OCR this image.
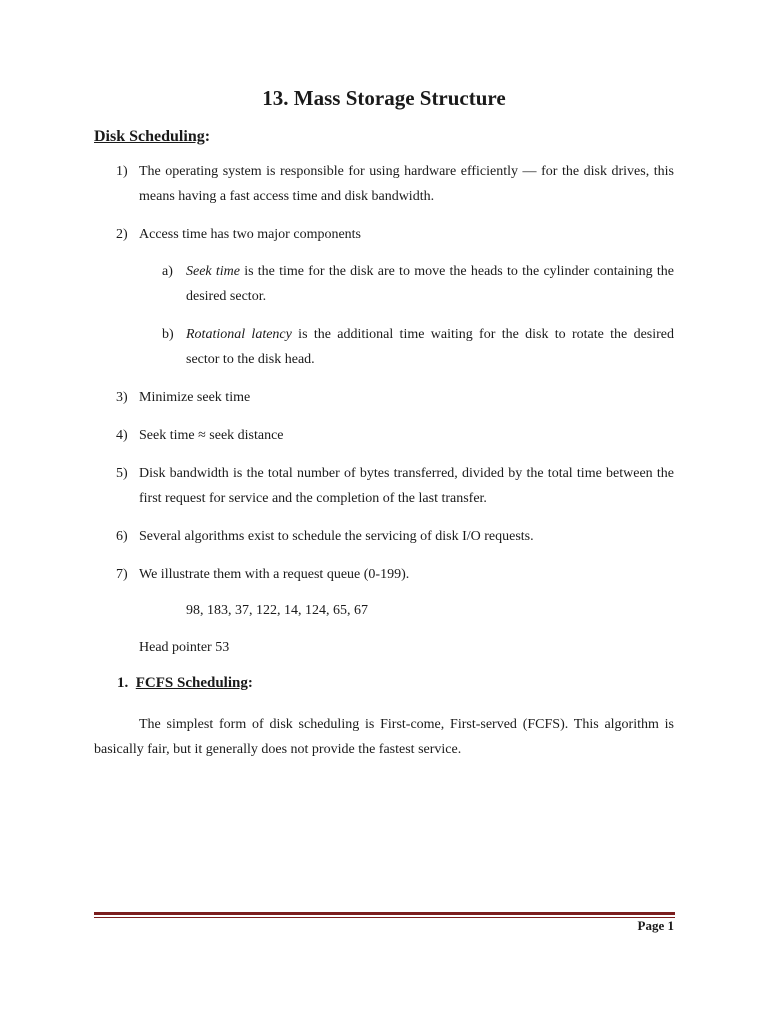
13. Mass Storage Structure
Disk Scheduling:
1) The operating system is responsible for using hardware efficiently — for the disk drives, this means having a fast access time and disk bandwidth.
2) Access time has two major components
a) Seek time is the time for the disk are to move the heads to the cylinder containing the desired sector.
b) Rotational latency is the additional time waiting for the disk to rotate the desired sector to the disk head.
3) Minimize seek time
4) Seek time ≈ seek distance
5) Disk bandwidth is the total number of bytes transferred, divided by the total time between the first request for service and the completion of the last transfer.
6) Several algorithms exist to schedule the servicing of disk I/O requests.
7) We illustrate them with a request queue (0-199).
98, 183, 37, 122, 14, 124, 65, 67
Head pointer 53
1. FCFS Scheduling:
The simplest form of disk scheduling is First-come, First-served (FCFS). This algorithm is basically fair, but it generally does not provide the fastest service.
Page 1
